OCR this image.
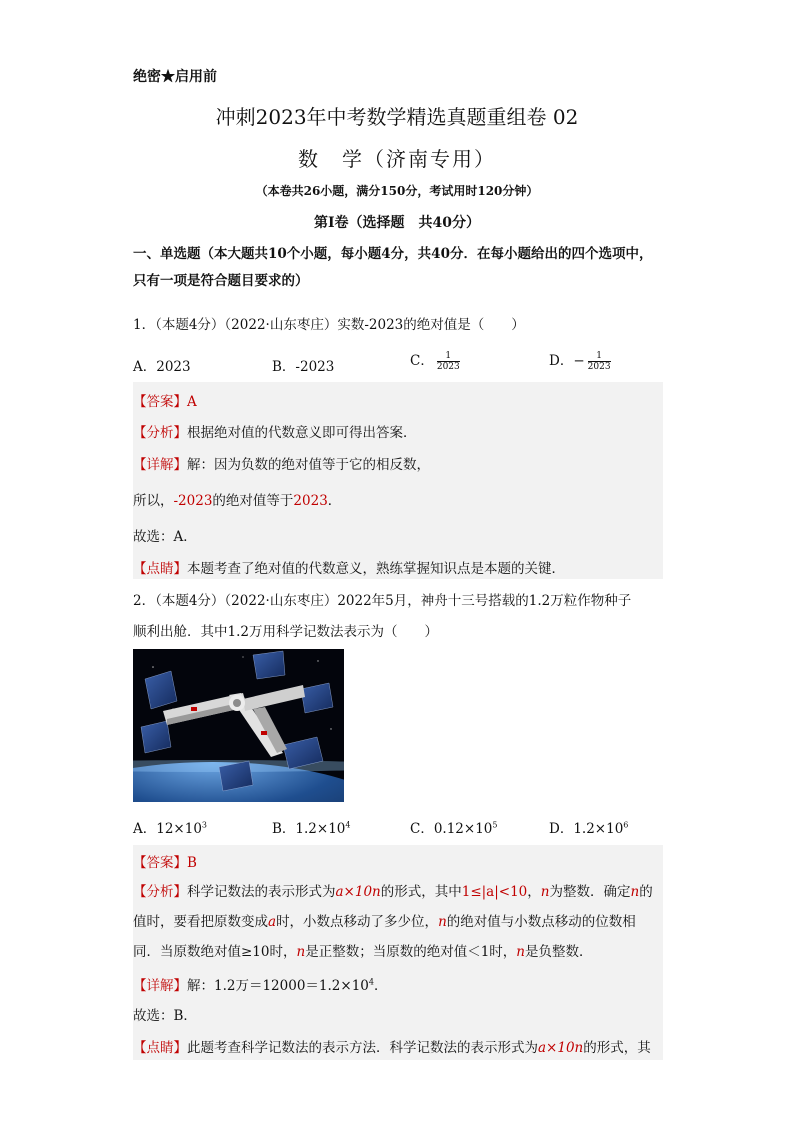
绝密★启用前
冲刺2023年中考数学精选真题重组卷 02
数　学（济南专用）
（本卷共26小题，满分150分，考试用时120分钟）
第Ⅰ卷（选择题　共40分）
一、单选题（本大题共10个小题，每小题4分，共40分．在每小题给出的四个选项中，
只有一项是符合题目要求的）
1．（本题4分）（2022·山东枣庄）实数-2023的绝对值是（　　）
A．2023	B．-2023	C． $\frac{1}{2023}$	D．− $\frac{1}{2023}$
【答案】A
【分析】根据绝对值的代数意义即可得出答案．
【详解】解：因为负数的绝对值等于它的相反数，
所以，-2023的绝对值等于2023．
故选：A．
【点睛】本题考查了绝对值的代数意义，熟练掌握知识点是本题的关键．
2．（本题4分）（2022·山东枣庄）2022年5月，神舟十三号搭载的1.2万粒作物种子
顺利出舱．其中1.2万用科学记数法表示为（　　）
A．$12\times 10^3$	B．$1.2\times 10^4$	C．$0.12\times 10^5$	D．$1.2\times 10^6$
【答案】B
【分析】科学记数法的表示形式为a×10n的形式，其中1≤|a|<10，n为整数．确定n的
值时，要看把原数变成a时，小数点移动了多少位，n的绝对值与小数点移动的位数相
同．当原数绝对值≥10时，n是正整数；当原数的绝对值＜1时，n是负整数．
【详解】解：1.2万$=12000=1.2\times 10^4$．
故选：B．
【点睛】此题考查科学记数法的表示方法．科学记数法的表示形式为a×10n的形式，其
